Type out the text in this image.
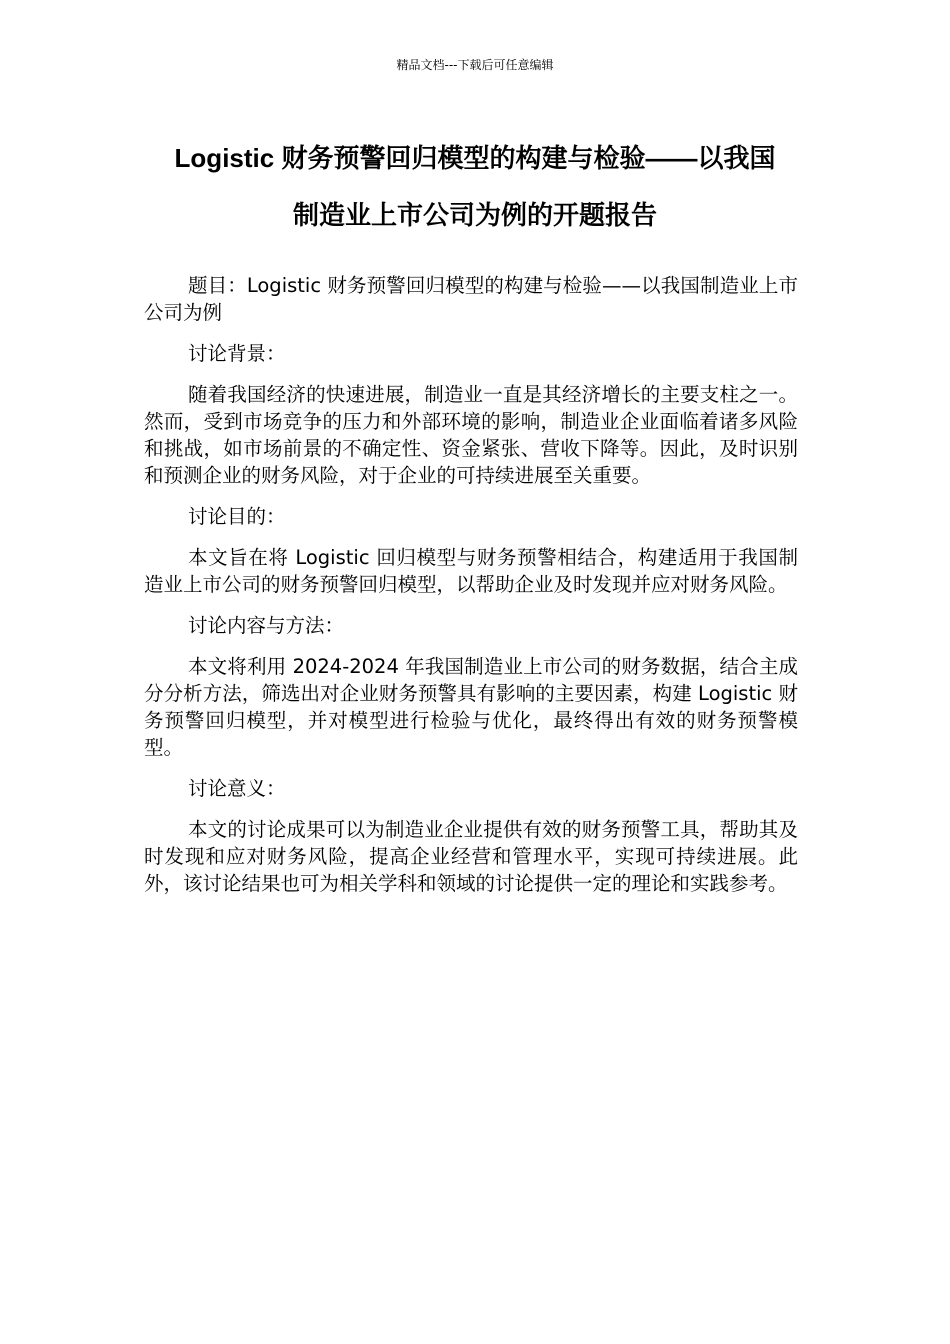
精品文档---下载后可任意编辑
Logistic 财务预警回归模型的构建与检验——以我国
制造业上市公司为例的开题报告

题目：Logistic 财务预警回归模型的构建与检验——以我国制造业上市公司为例

讨论背景：

随着我国经济的快速进展，制造业一直是其经济增长的主要支柱之一。然而，受到市场竞争的压力和外部环境的影响，制造业企业面临着诸多风险和挑战，如市场前景的不确定性、资金紧张、营收下降等。因此，及时识别和预测企业的财务风险，对于企业的可持续进展至关重要。

讨论目的：

本文旨在将 Logistic 回归模型与财务预警相结合，构建适用于我国制造业上市公司的财务预警回归模型，以帮助企业及时发现并应对财务风险。

讨论内容与方法：

本文将利用 2024-2024 年我国制造业上市公司的财务数据，结合主成分分析方法，筛选出对企业财务预警具有影响的主要因素，构建 Logistic 财务预警回归模型，并对模型进行检验与优化，最终得出有效的财务预警模型。

讨论意义：

本文的讨论成果可以为制造业企业提供有效的财务预警工具，帮助其及时发现和应对财务风险，提高企业经营和管理水平，实现可持续进展。此外，该讨论结果也可为相关学科和领域的讨论提供一定的理论和实践参考。
